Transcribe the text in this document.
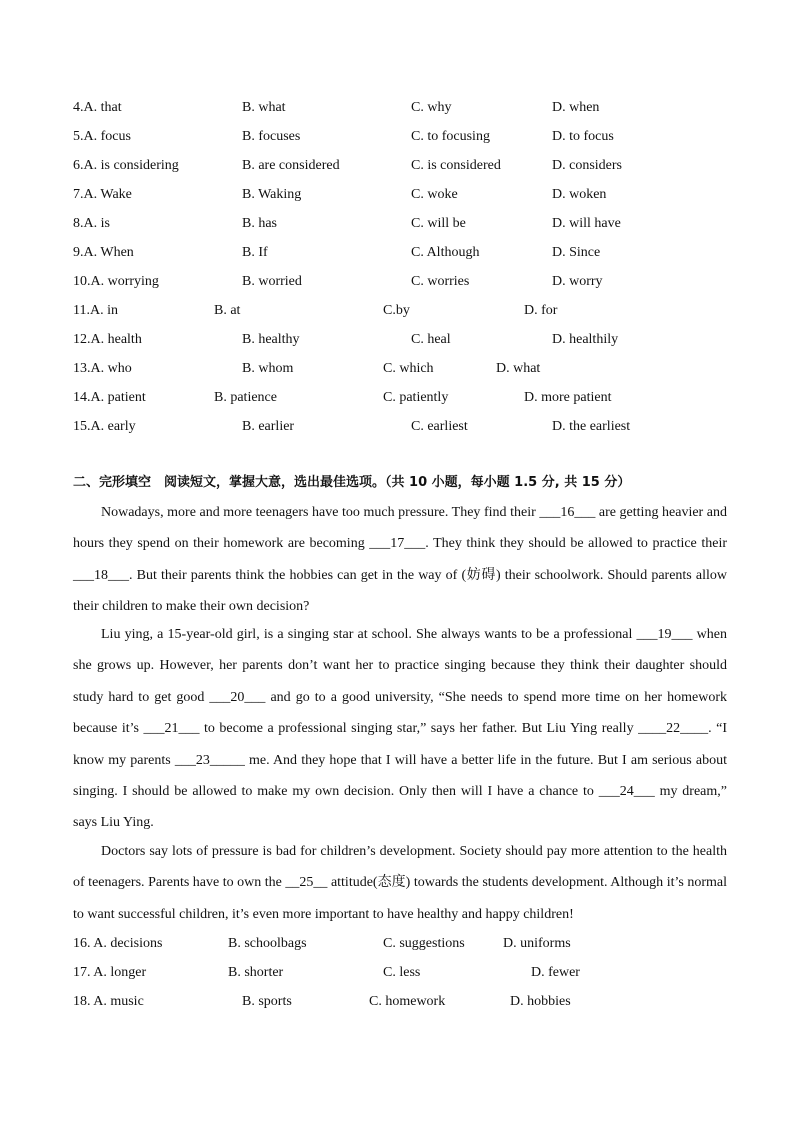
4.A. that	B. what	C. why	D. when
5.A. focus	B. focuses	C. to focusing	D. to focus
6.A. is considering	B. are considered	C. is considered	D. considers
7.A. Wake	B. Waking	C. woke	D. woken
8.A. is	B. has	C. will be	D. will have
9.A. When	B. If	C. Although	D. Since
10.A. worrying	B. worried	C. worries	D. worry
11.A. in	B. at	C.by	D. for
12.A. health	B. healthy	C. heal	D. healthily
13.A. who	B. whom	C. which	D. what
14.A. patient	B. patience	C. patiently	D. more patient
15.A. early	B. earlier	C. earliest	D. the earliest
二、完形填空　阅读短文，掌握大意，选出最佳选项。（共 10 小题，每小题 1.5 分, 共 15 分）

Nowadays, more and more teenagers have too much pressure. They find their ___16___ are getting heavier and hours they spend on their homework are becoming ___17___. They think they should be allowed to practice their ___18___. But their parents think the hobbies can get in the way of (妨碍) their schoolwork. Should parents allow their children to make their own decision?

Liu ying, a 15-year-old girl, is a singing star at school. She always wants to be a professional ___19___ when she grows up. However, her parents don’t want her to practice singing because they think their daughter should study hard to get good ___20___ and go to a good university, “She needs to spend more time on her homework because it’s ___21___ to become a professional singing star,” says her father. But Liu Ying really ____22____. “I know my parents ___23_____ me. And they hope that I will have a better life in the future. But I am serious about singing. I should be allowed to make my own decision. Only then will I have a chance to ___24___ my dream,” says Liu Ying.

Doctors say lots of pressure is bad for children’s development. Society should pay more attention to the health of teenagers. Parents have to own the __25__ attitude(态度) towards the students development. Although it’s normal to want successful children, it’s even more important to have healthy and happy children!

16. A. decisions	B. schoolbags	C. suggestions	D. uniforms
17. A. longer	B. shorter	C. less	D. fewer
18. A. music	B. sports	C. homework	D. hobbies
